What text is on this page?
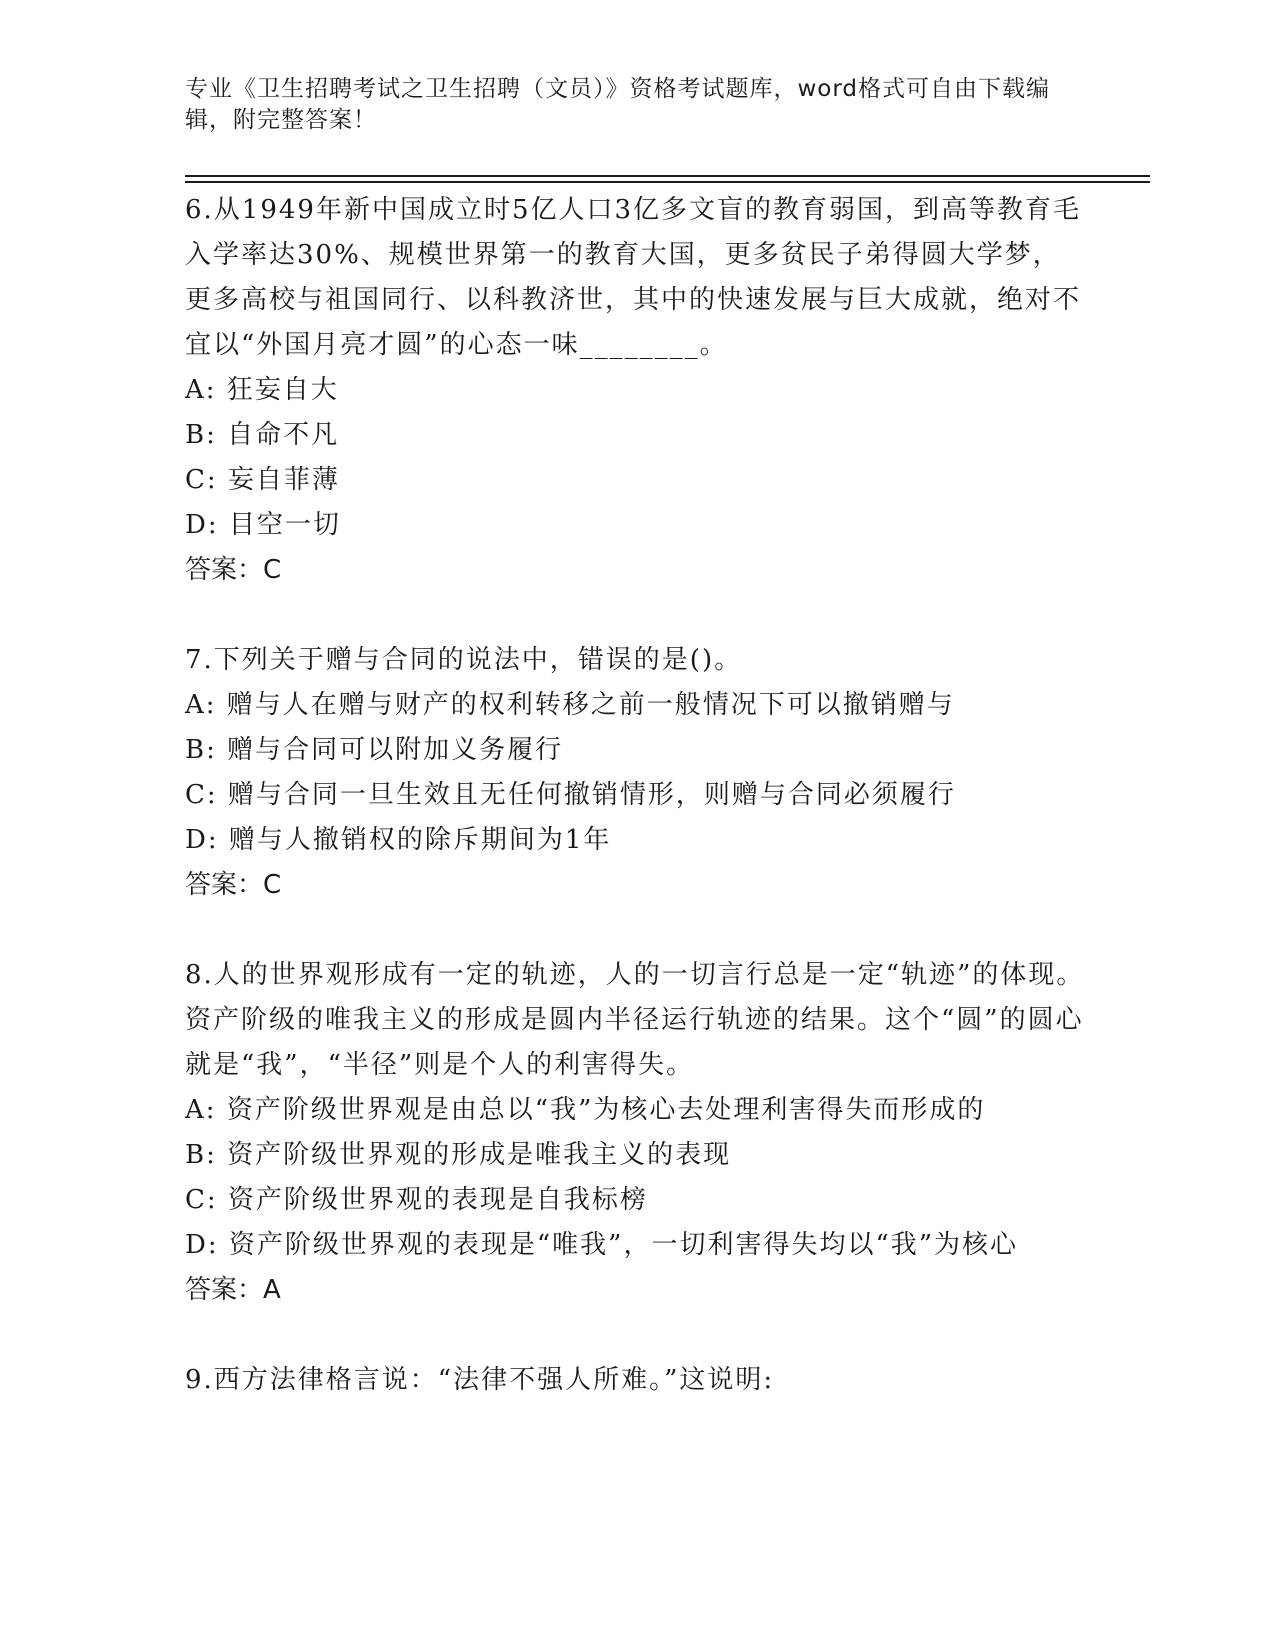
专业《卫生招聘考试之卫生招聘（文员）》资格考试题库，word格式可自由下载编辑，附完整答案！
6.从1949年新中国成立时5亿人口3亿多文盲的教育弱国，到高等教育毛入学率达30%、规模世界第一的教育大国，更多贫民子弟得圆大学梦，更多高校与祖国同行、以科教济世，其中的快速发展与巨大成就，绝对不宜以“外国月亮才圆”的心态一味________。
A: 狂妄自大
B: 自命不凡
C: 妄自菲薄
D: 目空一切
答案：C
7.下列关于赠与合同的说法中，错误的是()。
A: 赠与人在赠与财产的权利转移之前一般情况下可以撤销赠与
B: 赠与合同可以附加义务履行
C: 赠与合同一旦生效且无任何撤销情形，则赠与合同必须履行
D: 赠与人撤销权的除斥期间为1年
答案：C
8.人的世界观形成有一定的轨迹，人的一切言行总是一定“轨迹”的体现。资产阶级的唯我主义的形成是圆内半径运行轨迹的结果。这个“圆”的圆心就是“我”，“半径”则是个人的利害得失。
A: 资产阶级世界观是由总以“我”为核心去处理利害得失而形成的
B: 资产阶级世界观的形成是唯我主义的表现
C: 资产阶级世界观的表现是自我标榜
D: 资产阶级世界观的表现是“唯我”，一切利害得失均以“我”为核心
答案：A
9.西方法律格言说：“法律不强人所难。”这说明:
